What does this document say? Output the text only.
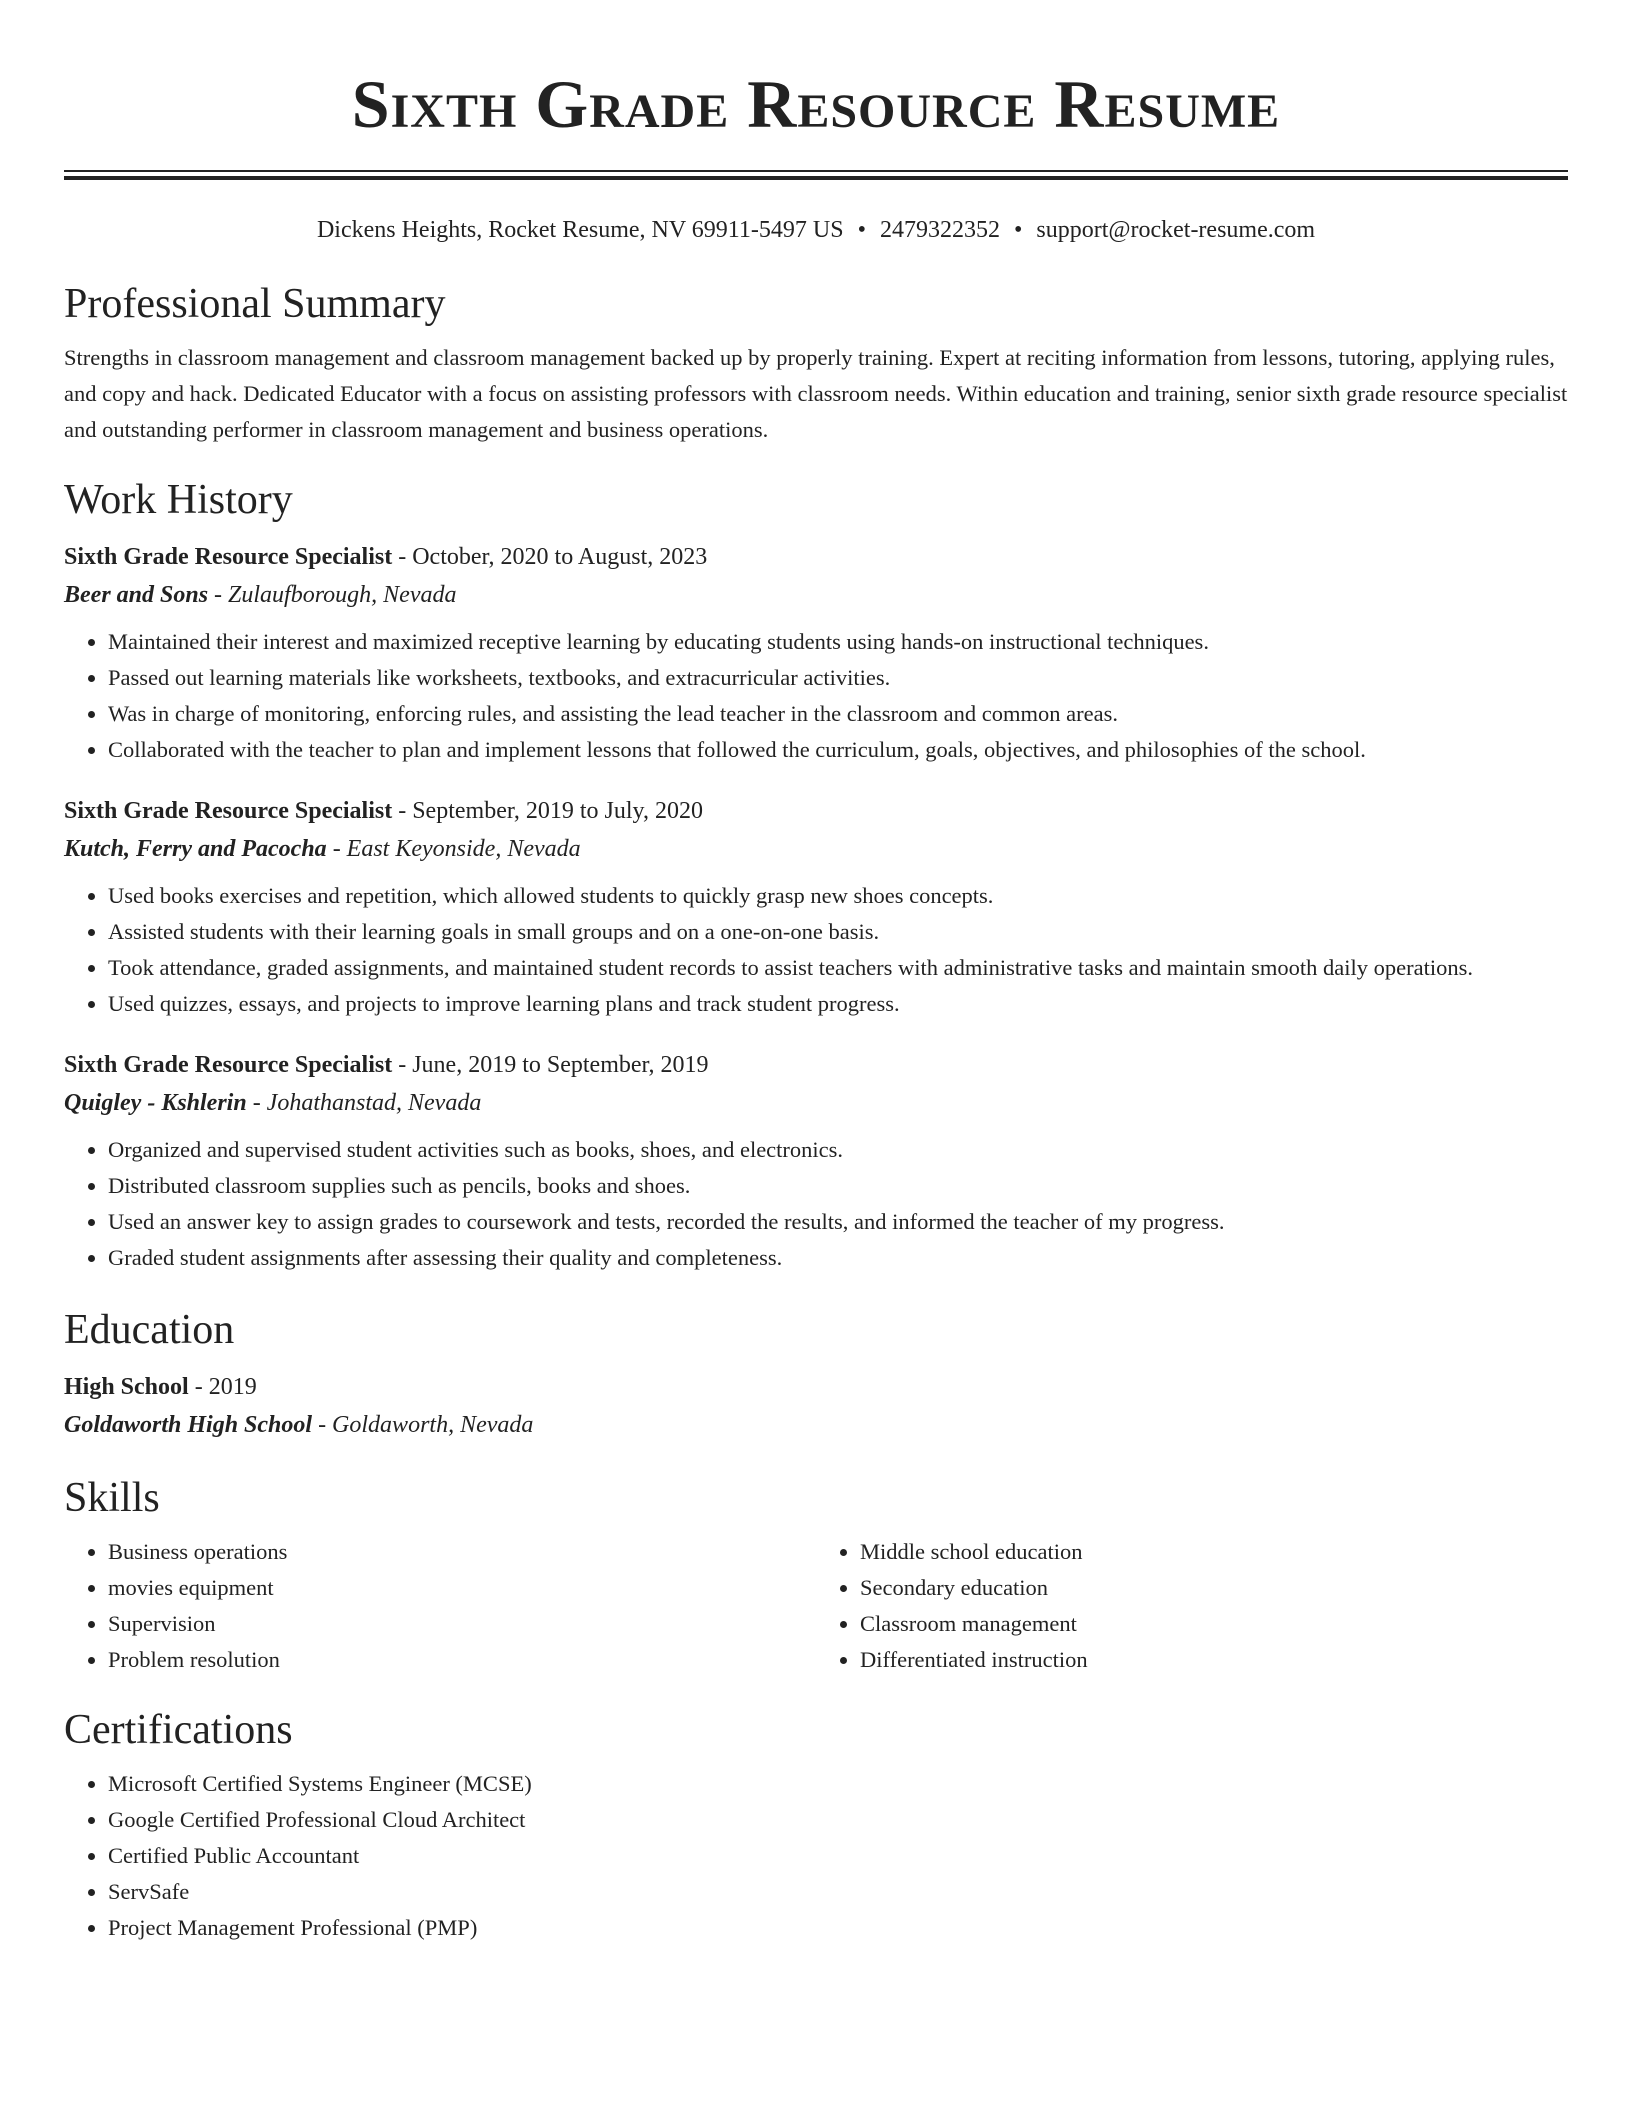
Sixth Grade Resource Resume
Dickens Heights, Rocket Resume, NV 69911-5497 US • 2479322352 • support@rocket-resume.com
Professional Summary

Strengths in classroom management and classroom management backed up by properly training. Expert at reciting information from lessons, tutoring, applying rules, and copy and hack. Dedicated Educator with a focus on assisting professors with classroom needs. Within education and training, senior sixth grade resource specialist and outstanding performer in classroom management and business operations.

Work History
Sixth Grade Resource Specialist - October, 2020 to August, 2023
Beer and Sons - Zulaufborough, Nevada
• Maintained their interest and maximized receptive learning by educating students using hands-on instructional techniques.
• Passed out learning materials like worksheets, textbooks, and extracurricular activities.
• Was in charge of monitoring, enforcing rules, and assisting the lead teacher in the classroom and common areas.
• Collaborated with the teacher to plan and implement lessons that followed the curriculum, goals, objectives, and philosophies of the school.
Sixth Grade Resource Specialist - September, 2019 to July, 2020
Kutch, Ferry and Pacocha - East Keyonside, Nevada
• Used books exercises and repetition, which allowed students to quickly grasp new shoes concepts.
• Assisted students with their learning goals in small groups and on a one-on-one basis.
• Took attendance, graded assignments, and maintained student records to assist teachers with administrative tasks and maintain smooth daily operations.
• Used quizzes, essays, and projects to improve learning plans and track student progress.
Sixth Grade Resource Specialist - June, 2019 to September, 2019
Quigley - Kshlerin - Johathanstad, Nevada
• Organized and supervised student activities such as books, shoes, and electronics.
• Distributed classroom supplies such as pencils, books and shoes.
• Used an answer key to assign grades to coursework and tests, recorded the results, and informed the teacher of my progress.
• Graded student assignments after assessing their quality and completeness.
Education
High School - 2019
Goldaworth High School - Goldaworth, Nevada
Skills
• Business operations
• movies equipment
• Supervision
• Problem resolution
• Middle school education
• Secondary education
• Classroom management
• Differentiated instruction
Certifications
• Microsoft Certified Systems Engineer (MCSE)
• Google Certified Professional Cloud Architect
• Certified Public Accountant
• ServSafe
• Project Management Professional (PMP)
